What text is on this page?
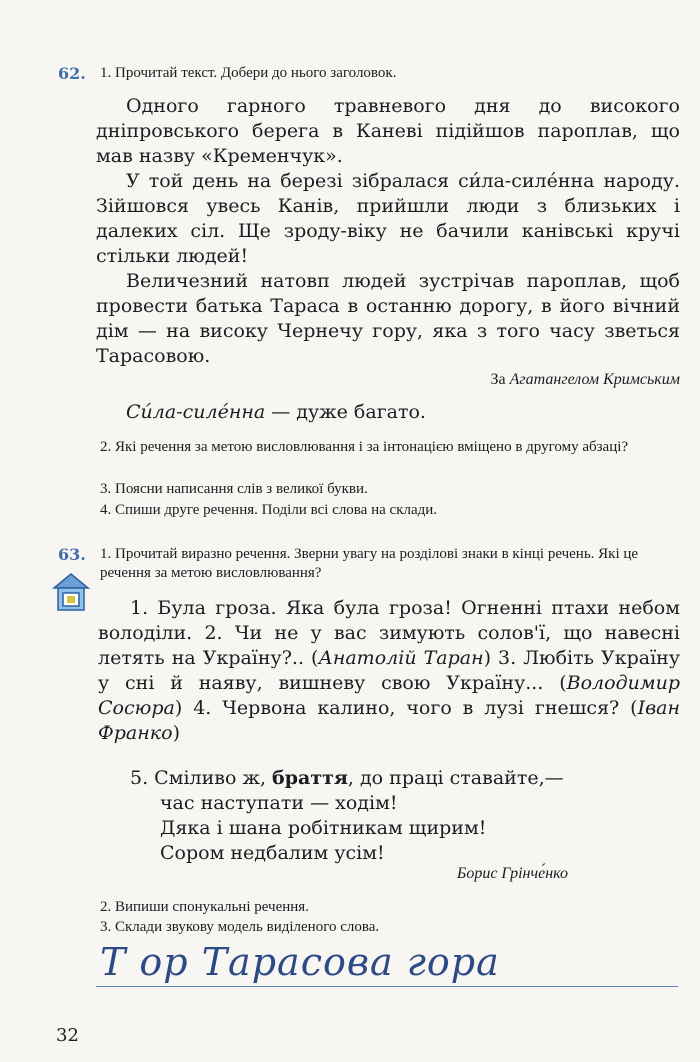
62. 1. Прочитай текст. Добери до нього заголовок.

Одного гарного травневого дня до високого дніпровського берега в Каневі підійшов пароплав, що мав назву «Кременчук».

У той день на березі зібралася си́ла-силе́нна народу. Зійшовся увесь Канів, прийшли люди з близьких і далеких сіл. Ще зроду-віку не бачили канівські кручі стільки людей!

Величезний натовп людей зустрічав пароплав, щоб провести батька Тараса в останню дорогу, в його вічний дім — на високу Чернечу гору, яка з того часу зветься Тарасовою.

За Агатангелом Кримським
Си́ла-силе́нна — дуже багато.
2. Які речення за метою висловлювання і за інтонацією вміщено в другому абзаці?
3. Поясни написання слів з великої букви.
4. Спиши друге речення. Поділи всі слова на склади.
63. 1. Прочитай виразно речення. Зверни увагу на розділові знаки в кінці речень. Які це речення за метою висловлювання?

1. Була гроза. Яка була гроза! Огненні птахи небом володіли. 2. Чи не у вас зимують солов'ї, що навесні летять на Україну?.. (Анатолій Таран) 3. Любіть Україну у сні й наяву, вишневу свою Україну... (Володимир Сосюра) 4. Червона калино, чого в лузі гнешся? (Іван Франко)

5. Сміливо ж, браття, до праці ставайте,—
час наступати — ходім!
Дяка і шана робітникам щирим!
Сором недбалим усім!
Борис Грінче́нко
2. Випиши спонукальні речення.
3. Склади звукову модель виділеного слова.
Т ор Тарасова гора
32
